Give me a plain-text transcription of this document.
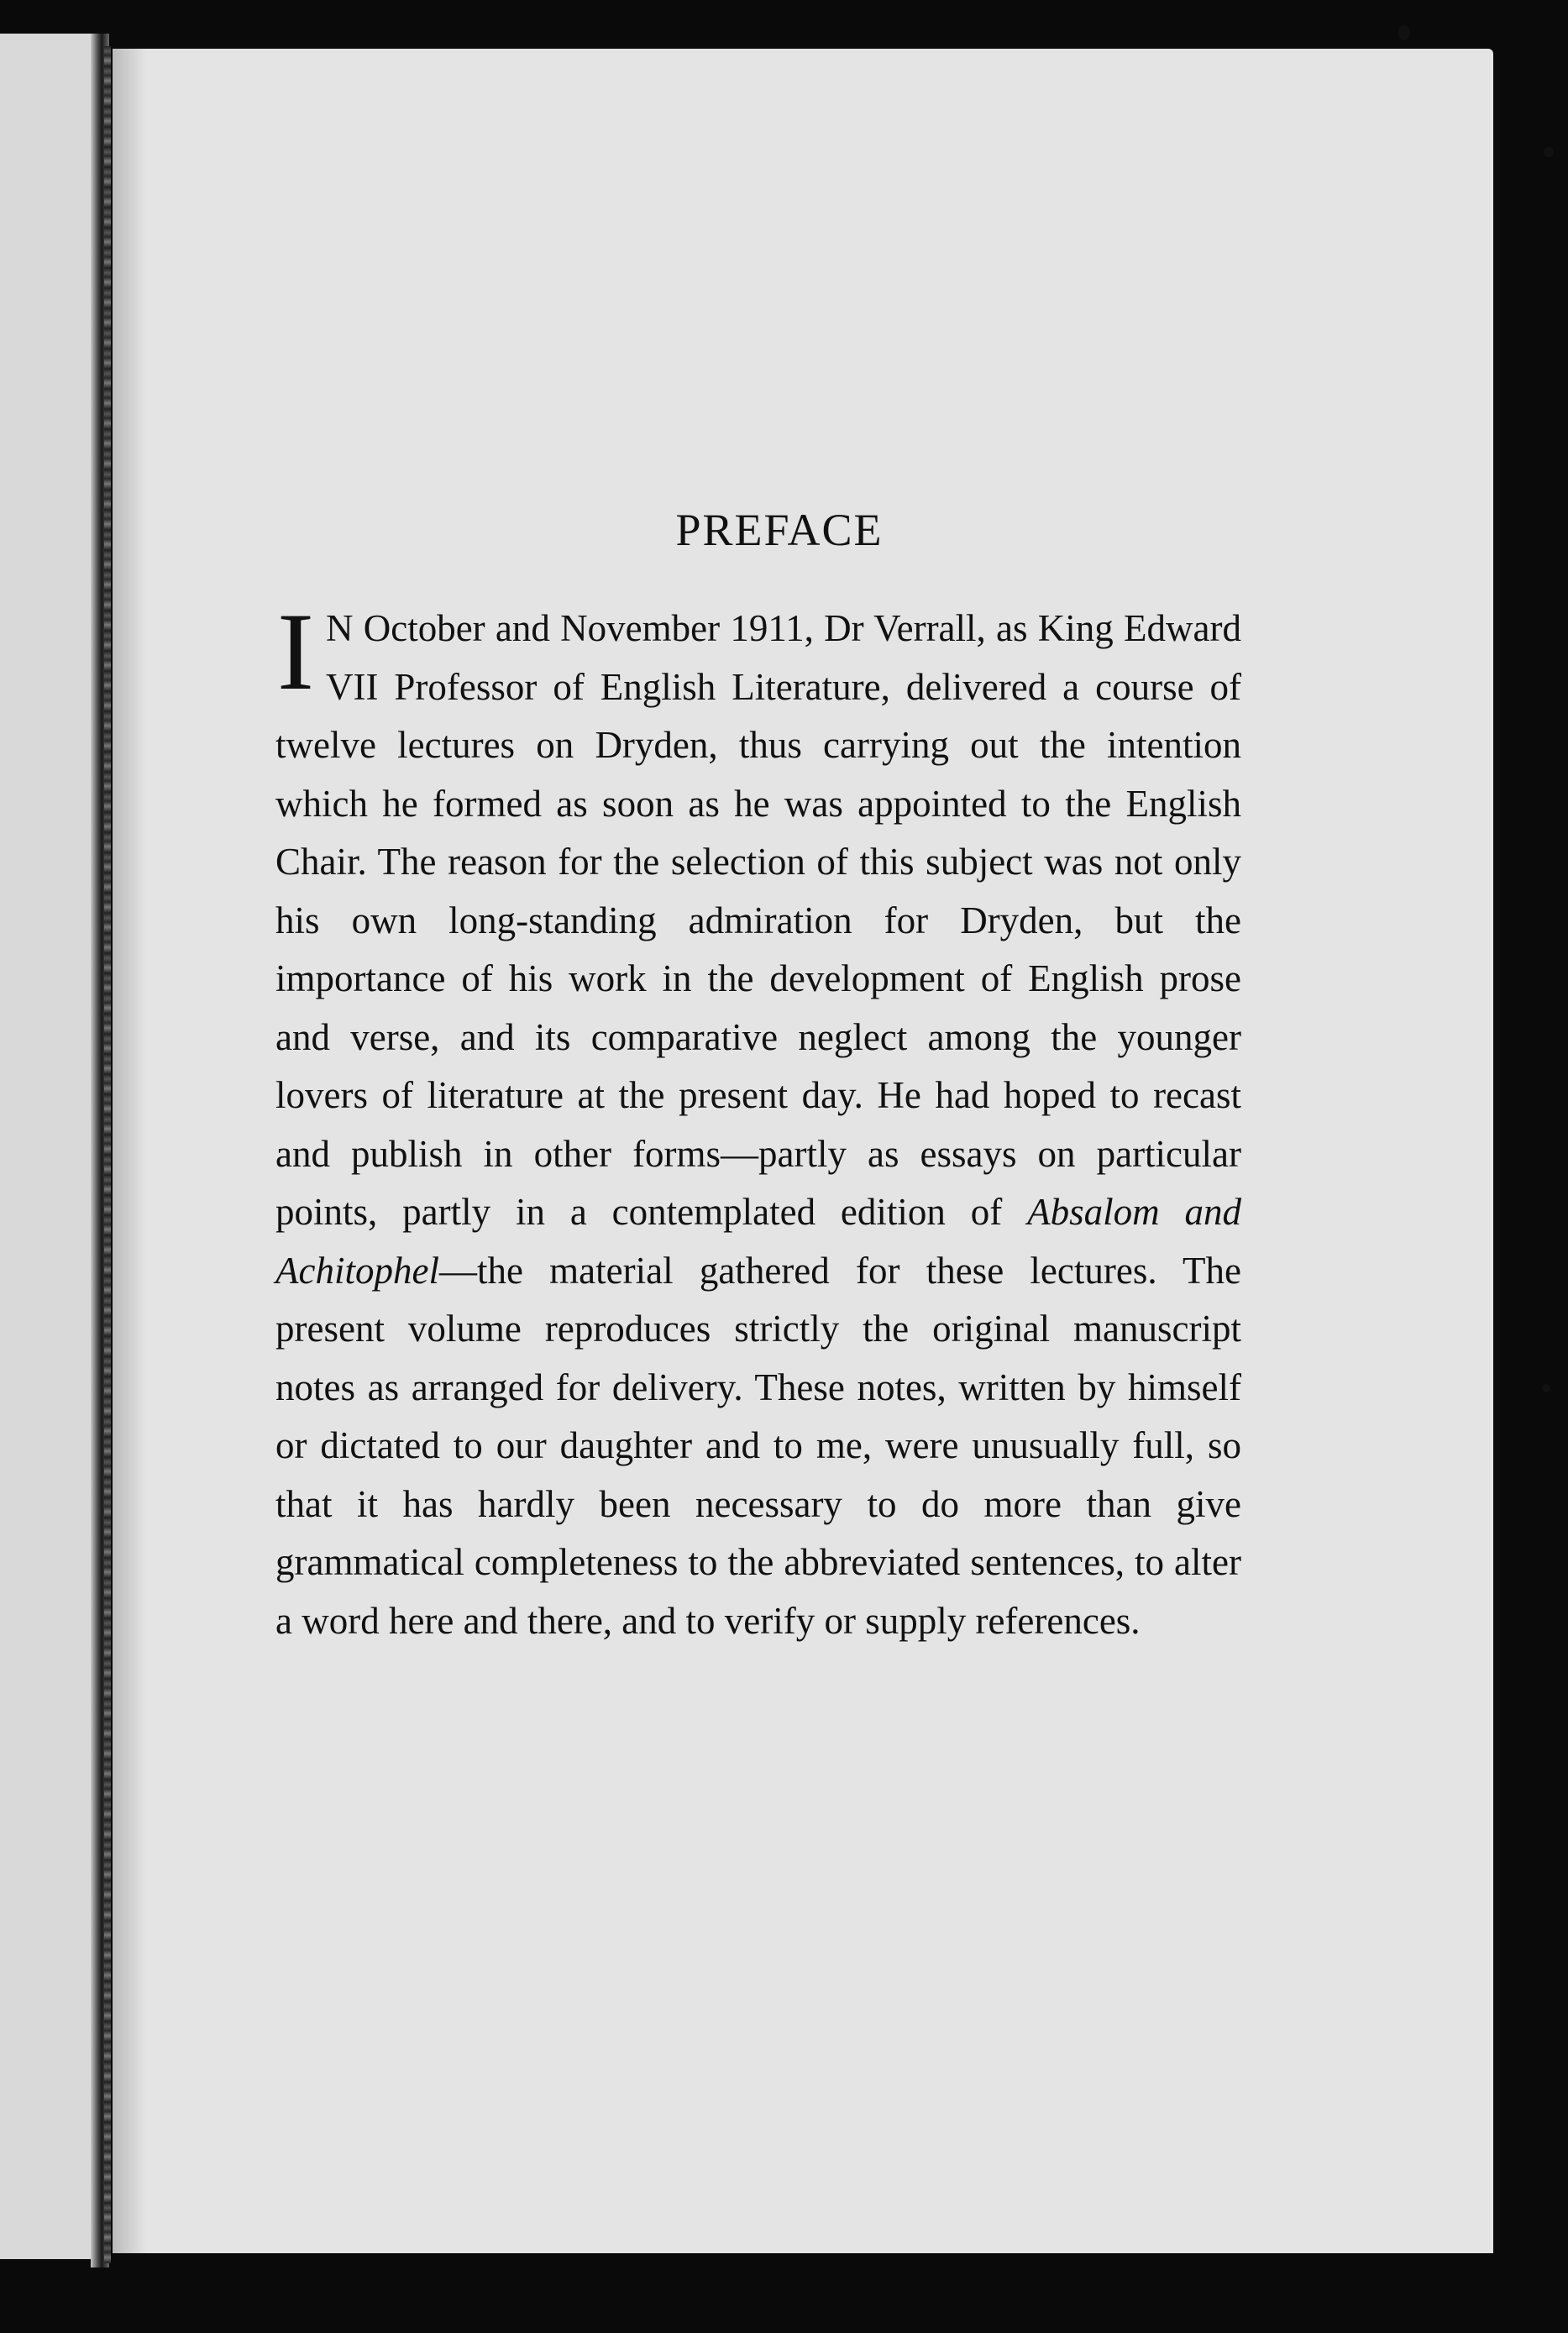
PREFACE

I N October and November 1911, Dr Verrall, as King Edward VII Professor of English Literature, delivered a course of twelve lectures on Dryden, thus carrying out the intention which he formed as soon as he was appointed to the English Chair. The reason for the selection of this subject was not only his own long-standing admiration for Dryden, but the importance of his work in the development of English prose and verse, and its comparative neglect among the younger lovers of literature at the present day. He had hoped to recast and publish in other forms—partly as essays on particular points, partly in a contemplated edition of Absalom and Achitophel—the material gathered for these lectures. The present volume reproduces strictly the original manuscript notes as arranged for delivery. These notes, written by himself or dictated to our daughter and to me, were unusually full, so that it has hardly been necessary to do more than give grammatical completeness to the abbreviated sentences, to alter a word here and there, and to verify or supply references.
